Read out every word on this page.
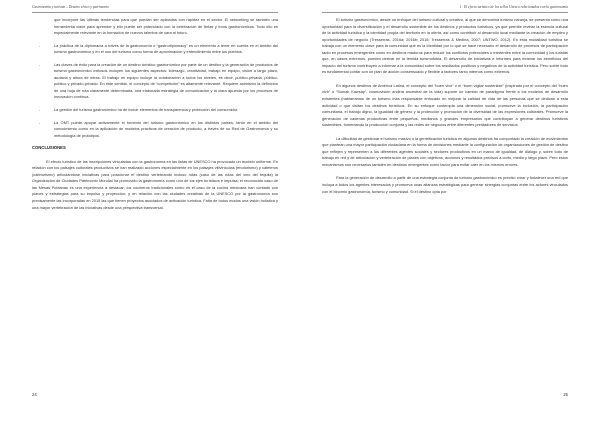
Gastronomía y turismo – Destino cívico y patrimonio

que incorpore las últimas tendencias para que puedan ser aplicadas con rapidez en el sector. El networking se también una herramienta clave para aprender y ello puede ser potenciado con la celebración de ferias y foros gastronómicos. Todo ello es especialmente relevante en la formación de nuevos talentos de cara al futuro.

-	La práctica de la diplomacia a través de la gastronomía o “gastrodiplomacy” es un elemento a tener en cuenta en el ámbito del turismo gastronómico y en el uso del turismo como forma de aproximación y entendimiento entre los pueblos.
-	Las claves de éxito para la creación de un destino turístico gastronómico por parte de un destino y la generación de productos de turismo gastronómico exitosos incluyen los siguientes aspectos: liderazgo, creatividad, trabajo en equipo, visión a largo plazo, audacia y altura de miras. El trabajo en equipo incluye la colaboración a todos los niveles, es decir, público-privada, público-público y privado-privado. En este sentido, el concepto de “competición” es altamente relevante. Requiere asimismo la definición de una hoja de ruta claramente determinada, una elaborada estrategia de comunicación y la clara apuesta por los procesos de innovación continua.
-	La gestión del turismo gastronómico ha de incluir elementos de transparencia y protección del consumidor.
-	La OMT puede apoyar activamente el fomento del turismo gastronómico en los distintos países, tanto en el ámbito del conocimiento como en la aplicación de modelos prácticos de creación de producto, a través de su Red de Gastronomía y su metodología de prototipos.
CONCLUSIONES

El efecto turístico de las inscripciones vinculadas con la gastronomía en las listas de UNESCO ha provocado un modelo uniforme. En relación con los paisajes culturales productivos se han realizado acciones especialmente en los paisajes vitivinícolas (enoturismo) y cafeteros (cafeturismo) articulándose iniciativas para posicionar el destino vertebrando incluso rutas (caso de las rutas del vino del tequila) la Organización de Ciudades Patrimonio Mundial ha promovido la gastronomía como uno de los ejes turísticos e impulsa; el reconocido caso de las Mesas Poblanas es una experiencia a destacar; los cocineros tradicionales como es el caso de la cocina mexicana han contado con planes y estrategias para su impulso y proyección; y en relación con las ciudades creativas de la UNESCO por la gastronomía son precisamente las incorporadas en 2015 las que tienen proyectos asociados de activación turística. Falta de todos modos una visión holística y una mayor vertebración de las iniciativas desde una perspectiva transversal.

24
1 · El efecto turístico de los sellos Unesco relacionados con la gastronomía

El turismo gastronómico, desde un enfoque del turismo cultural y creativo, al que se denomina turismo naranja, se presenta como una oportunidad para la diversificación y el desarrollo sostenible de los destinos y productos turísticos, ya que permite revelar la esencia cultural de la actividad turística y la identidad propia del territorio en la oferta, así como contribuir al desarrollo local mediante la creación de empleo y oportunidades de negocio (Tresserras, 2016a; 2016b; 2015; Tresserras & Medina, 2007; UNTWO, 2012). En esta modalidad turística se trabaja con un elemento clave para la comunidad que es la identidad por lo que se hace necesario el desarrollo de procesos de participación tanto en procesos emergentes como en destinos maduros para reducir los conflictos potenciales o existentes entre la comunidad y los turistas que, en casos extremos, pueden derivar en la temida turismofobia. El desarrollo de iniciativas e informes para mostrar los beneficios del impacto del turismo contribuyen a informar a la comunidad sobre los resultados positivos y negativos de la actividad turística. Pero sobre todo es fundamental contar con un plan de acción consensuado y flexible a factores tanto internos como externos.

En algunos destinos de América Latina, el concepto del “buen vivir” o el “buen vigilar sostenible” (inspirado por el concepto del “buen vivir” o “Sumak Kawsay”, cosmovisión andina ancestral de la vida) supone un cambio de paradigma frente a los modelos de desarrollo existentes (hablaríamos de un turismo más responsable enfocado en mejorar la calidad de vida de las personas que se dedican a esta actividad o que visitan los destinos turísticos. En su enfoque contempla una dimensión social, promueve la inclusión, la participación comunitaria, el trabajo digno, la igualdad de género y la protección y promoción de la diversidad de las expresiones culturales. Promueve la generación de cadenas productivas entre pequeños, medianos y grandes empresarios que contribuyan a generar destinos turísticos sostenibles, fomentando la producción conjunta y las redes de negocios entre diferentes prestadores de servicios.

La dificultad de gestionar el turismo masivo o la gentrificación turística en algunos destinos ha comportado la creación de movimientos que plantean una mayor participación ciudadana en la forma de decisiones mediante la configuración de organizaciones de gestión de destino que reflejen y representen a los diferentes agentes sociales y sectores productivos en un marco de igualdad, de diálogo y, sobre todo de trabajo en red y de articulación y vertebración de planes con objetivos, acciones y resultados precisos a corto, medio y largo plazo. Pero estos mecanismos son necesarios también en destinos emergentes como factor para evitar caer en los mismos errores.

Para la generación de desarrollo a partir de una estrategia conjunta de turismo gastronómico es preciso crear y fortalecer una red que incluya a todos los agentes interesados y promueva unas alianzas estratégicas para generar sinergias conjuntas entre los actores vinculados con el binomio gastronomía, turismo y comunidad. Si el destino opta por

25
